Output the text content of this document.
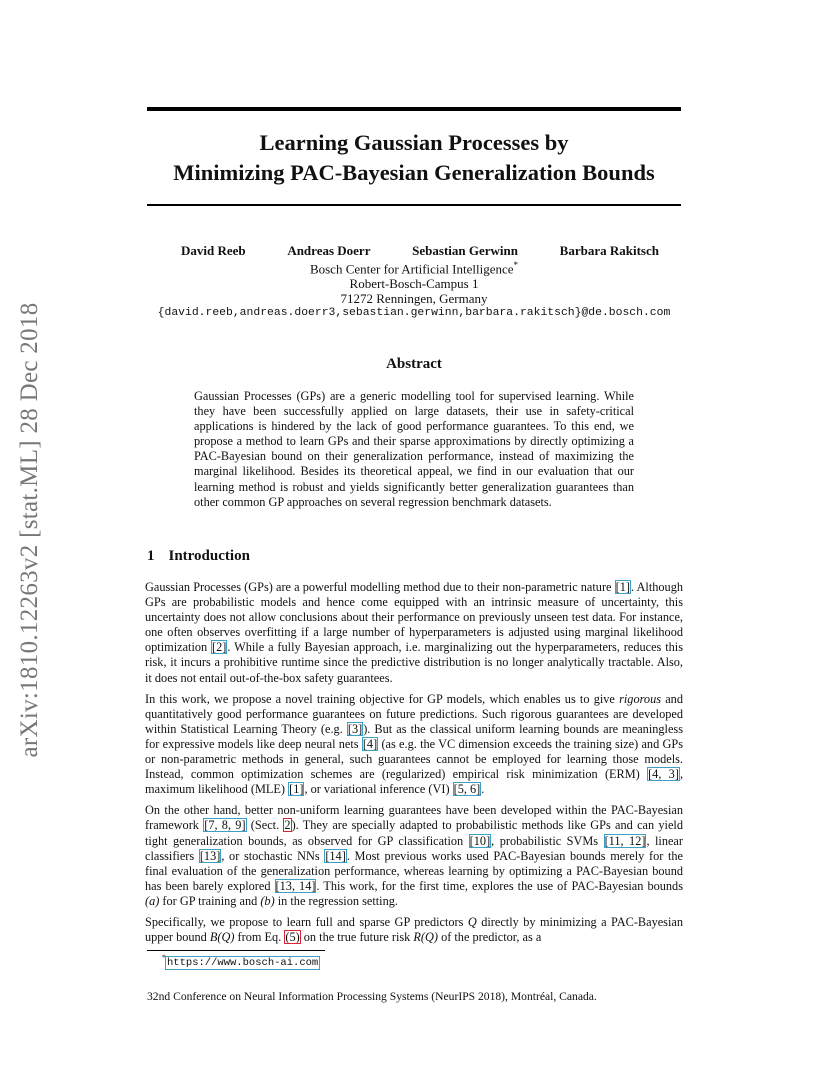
arXiv:1810.12263v2 [stat.ML] 28 Dec 2018
Learning Gaussian Processes by
Minimizing PAC-Bayesian Generalization Bounds
David Reeb	Andreas Doerr	Sebastian Gerwinn	Barbara Rakitsch
Bosch Center for Artificial Intelligence*
Robert-Bosch-Campus 1
71272 Renningen, Germany
{david.reeb,andreas.doerr3,sebastian.gerwinn,barbara.rakitsch}@de.bosch.com
Abstract
Gaussian Processes (GPs) are a generic modelling tool for supervised learning. While they have been successfully applied on large datasets, their use in safety-critical applications is hindered by the lack of good performance guarantees. To this end, we propose a method to learn GPs and their sparse approximations by directly optimizing a PAC-Bayesian bound on their generalization performance, instead of maximizing the marginal likelihood. Besides its theoretical appeal, we find in our evaluation that our learning method is robust and yields significantly better generalization guarantees than other common GP approaches on several regression benchmark datasets.
1 Introduction

Gaussian Processes (GPs) are a powerful modelling method due to their non-parametric nature [1]. Although GPs are probabilistic models and hence come equipped with an intrinsic measure of uncertainty, this uncertainty does not allow conclusions about their performance on previously unseen test data. For instance, one often observes overfitting if a large number of hyperparameters is adjusted using marginal likelihood optimization [2]. While a fully Bayesian approach, i.e. marginalizing out the hyperparameters, reduces this risk, it incurs a prohibitive runtime since the predictive distribution is no longer analytically tractable. Also, it does not entail out-of-the-box safety guarantees.

In this work, we propose a novel training objective for GP models, which enables us to give rigorous and quantitatively good performance guarantees on future predictions. Such rigorous guarantees are developed within Statistical Learning Theory (e.g. [3]). But as the classical uniform learning bounds are meaningless for expressive models like deep neural nets [4] (as e.g. the VC dimension exceeds the training size) and GPs or non-parametric methods in general, such guarantees cannot be employed for learning those models. Instead, common optimization schemes are (regularized) empirical risk minimization (ERM) [4, 3], maximum likelihood (MLE) [1], or variational inference (VI) [5, 6].

On the other hand, better non-uniform learning guarantees have been developed within the PAC-Bayesian framework [7, 8, 9] (Sect. 2). They are specially adapted to probabilistic methods like GPs and can yield tight generalization bounds, as observed for GP classification [10], probabilistic SVMs [11, 12], linear classifiers [13], or stochastic NNs [14]. Most previous works used PAC-Bayesian bounds merely for the final evaluation of the generalization performance, whereas learning by optimizing a PAC-Bayesian bound has been barely explored [13, 14]. This work, for the first time, explores the use of PAC-Bayesian bounds (a) for GP training and (b) in the regression setting.

Specifically, we propose to learn full and sparse GP predictors Q directly by minimizing a PAC-Bayesian upper bound B(Q) from Eq. (5) on the true future risk R(Q) of the predictor, as a

*https://www.bosch-ai.com
32nd Conference on Neural Information Processing Systems (NeurIPS 2018), Montréal, Canada.
